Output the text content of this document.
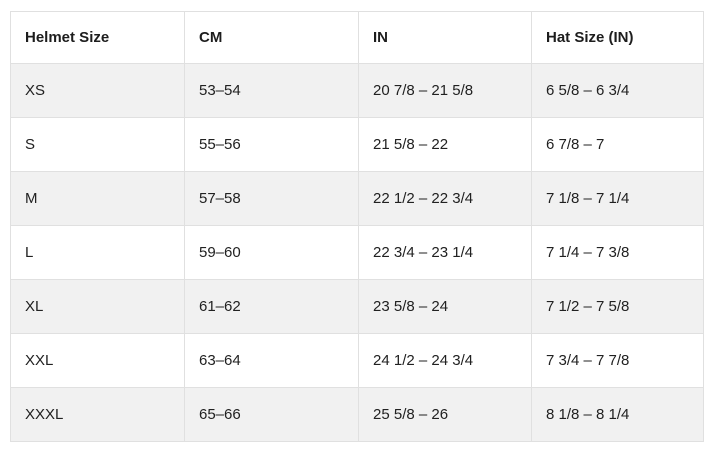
Helmet Size	CM	IN	Hat Size (IN)
XS	53–54	20 7/8 – 21 5/8	6 5/8 – 6 3/4
S	55–56	21 5/8 – 22	6 7/8 – 7
M	57–58	22 1/2 – 22 3/4	7 1/8 – 7 1/4
L	59–60	22 3/4 – 23 1/4	7 1/4 – 7 3/8
XL	61–62	23 5/8 – 24	7 1/2 – 7 5/8
XXL	63–64	24 1/2 – 24 3/4	7 3/4 – 7 7/8
XXXL	65–66	25 5/8 – 26	8 1/8 – 8 1/4
